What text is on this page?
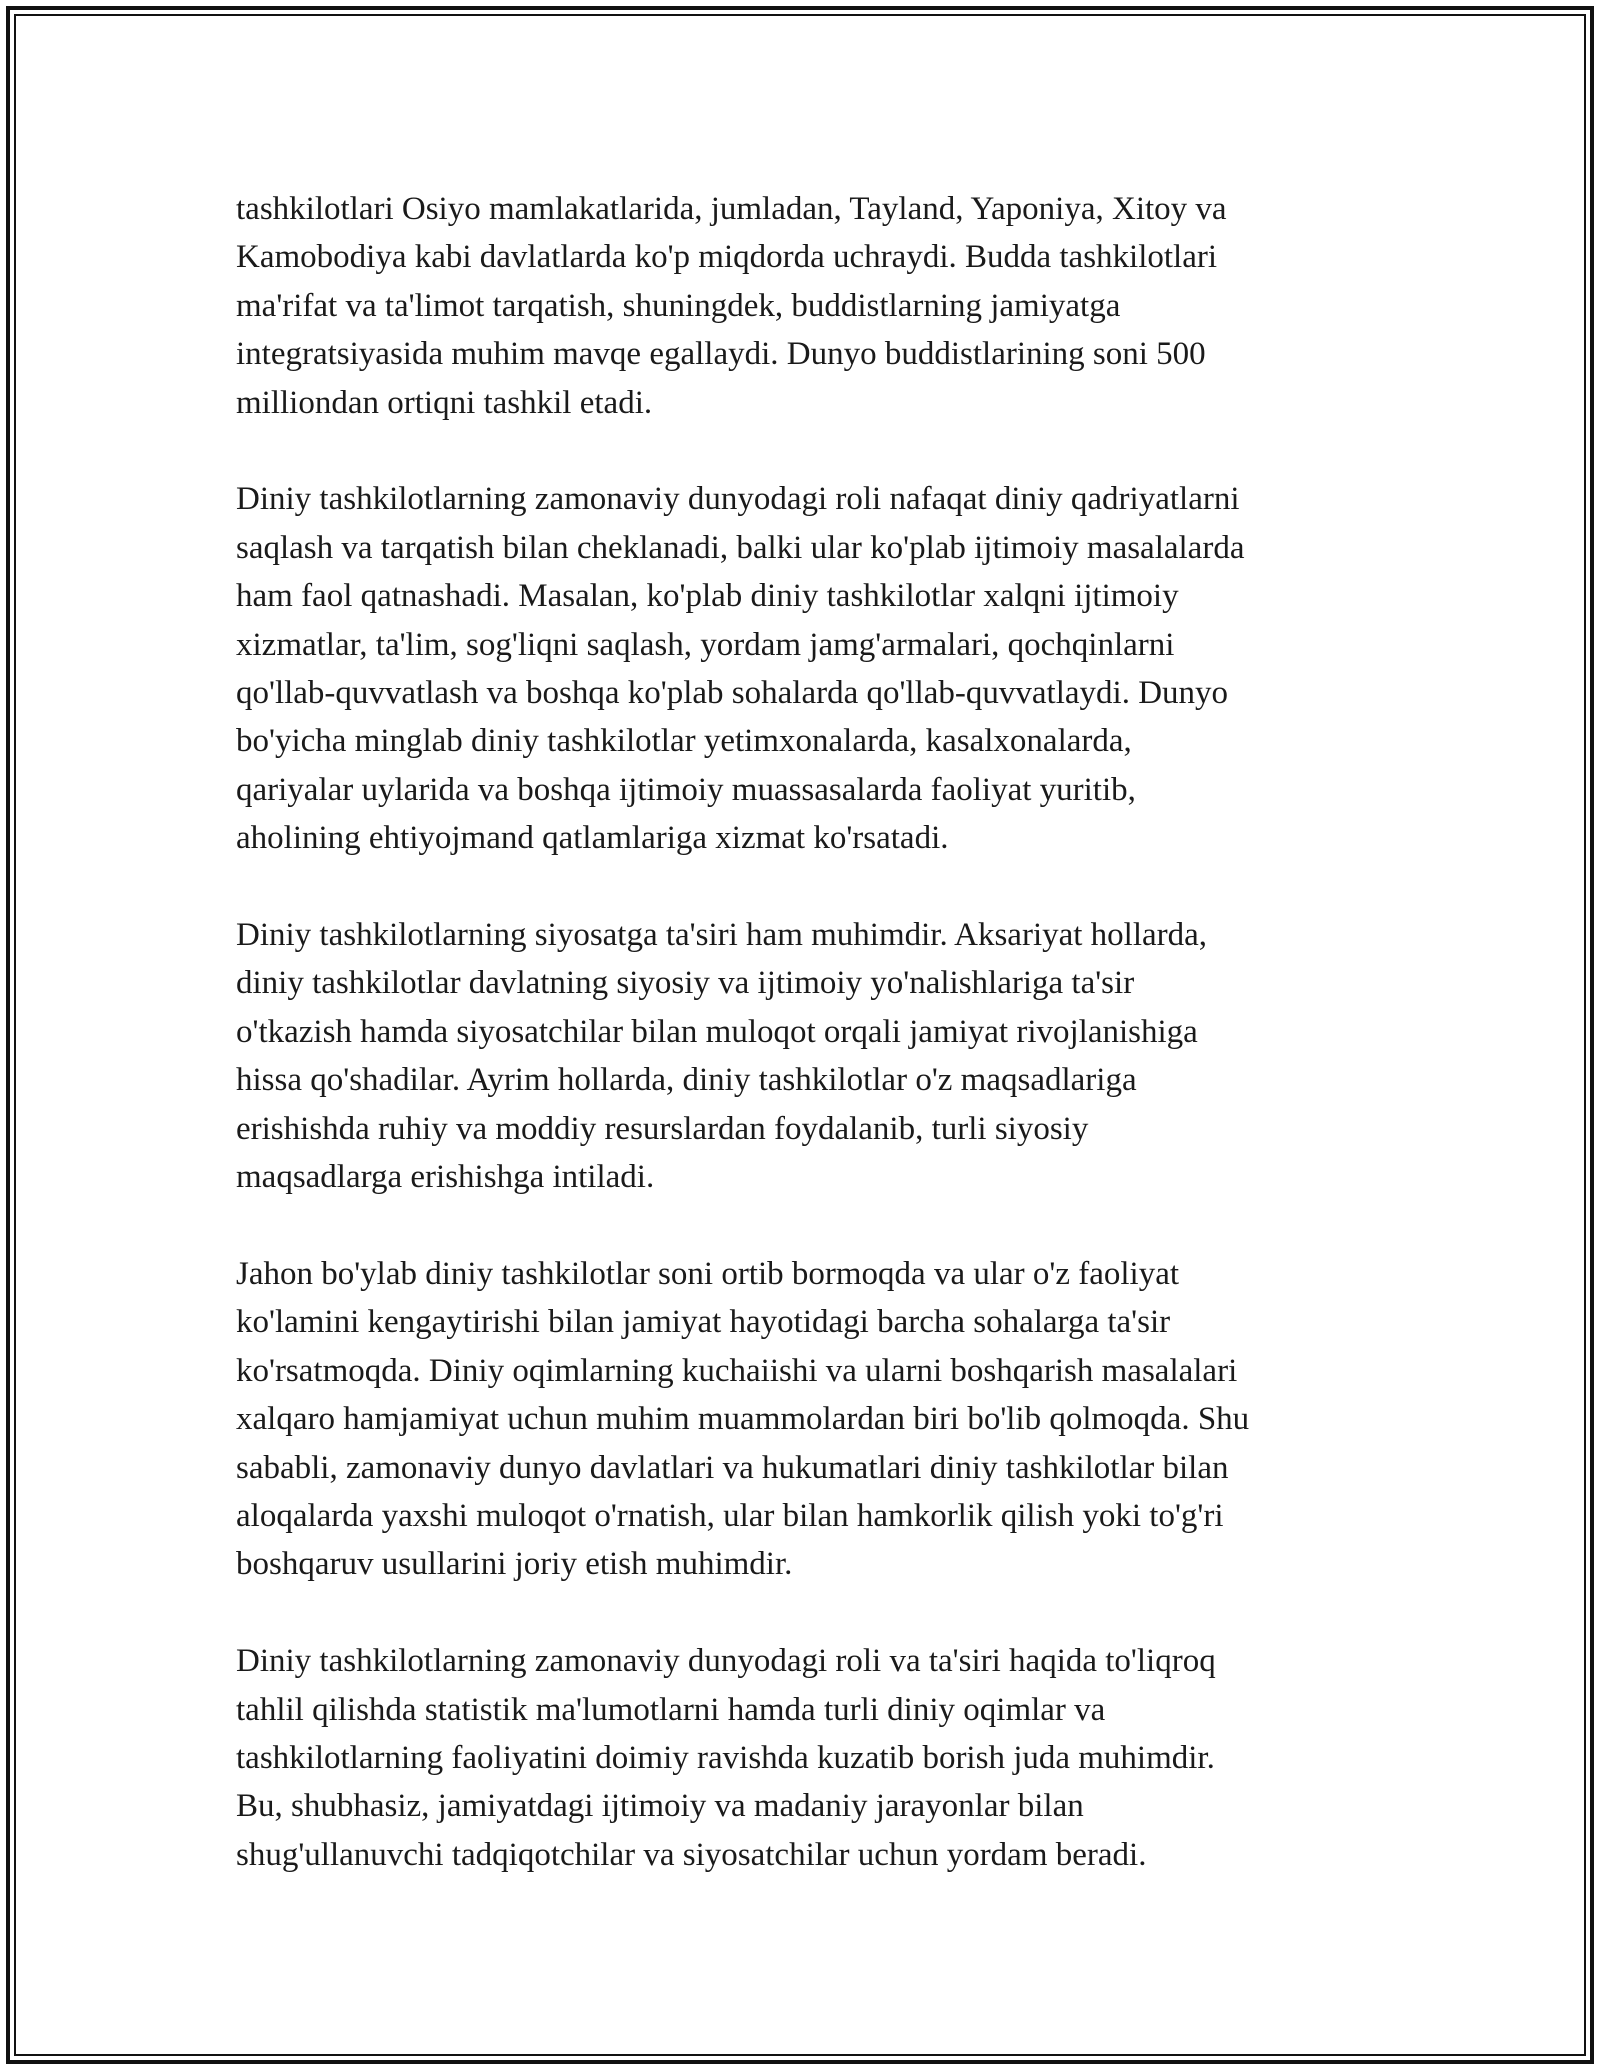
tashkilotlari Osiyo mamlakatlarida, jumladan, Tayland, Yaponiya, Xitoy va
Kamobodiya kabi davlatlarda ko'p miqdorda uchraydi. Budda tashkilotlari
ma'rifat va ta'limot tarqatish, shuningdek, buddistlarning jamiyatga
integratsiyasida muhim mavqe egallaydi. Dunyo buddistlarining soni 500
milliondan ortiqni tashkil etadi.

Diniy tashkilotlarning zamonaviy dunyodagi roli nafaqat diniy qadriyatlarni
saqlash va tarqatish bilan cheklanadi, balki ular ko'plab ijtimoiy masalalarda
ham faol qatnashadi. Masalan, ko'plab diniy tashkilotlar xalqni ijtimoiy
xizmatlar, ta'lim, sog'liqni saqlash, yordam jamg'armalari, qochqinlarni
qo'llab-quvvatlash va boshqa ko'plab sohalarda qo'llab-quvvatlaydi. Dunyo
bo'yicha minglab diniy tashkilotlar yetimxonalarda, kasalxonalarda,
qariyalar uylarida va boshqa ijtimoiy muassasalarda faoliyat yuritib,
aholining ehtiyojmand qatlamlariga xizmat ko'rsatadi.

Diniy tashkilotlarning siyosatga ta'siri ham muhimdir. Aksariyat hollarda,
diniy tashkilotlar davlatning siyosiy va ijtimoiy yo'nalishlariga ta'sir
o'tkazish hamda siyosatchilar bilan muloqot orqali jamiyat rivojlanishiga
hissa qo'shadilar. Ayrim hollarda, diniy tashkilotlar o'z maqsadlariga
erishishda ruhiy va moddiy resurslardan foydalanib, turli siyosiy
maqsadlarga erishishga intiladi.

Jahon bo'ylab diniy tashkilotlar soni ortib bormoqda va ular o'z faoliyat
ko'lamini kengaytirishi bilan jamiyat hayotidagi barcha sohalarga ta'sir
ko'rsatmoqda. Diniy oqimlarning kuchaiishi va ularni boshqarish masalalari
xalqaro hamjamiyat uchun muhim muammolardan biri bo'lib qolmoqda. Shu
sababli, zamonaviy dunyo davlatlari va hukumatlari diniy tashkilotlar bilan
aloqalarda yaxshi muloqot o'rnatish, ular bilan hamkorlik qilish yoki to'g'ri
boshqaruv usullarini joriy etish muhimdir.

Diniy tashkilotlarning zamonaviy dunyodagi roli va ta'siri haqida to'liqroq
tahlil qilishda statistik ma'lumotlarni hamda turli diniy oqimlar va
tashkilotlarning faoliyatini doimiy ravishda kuzatib borish juda muhimdir.
Bu, shubhasiz, jamiyatdagi ijtimoiy va madaniy jarayonlar bilan
shug'ullanuvchi tadqiqotchilar va siyosatchilar uchun yordam beradi.
